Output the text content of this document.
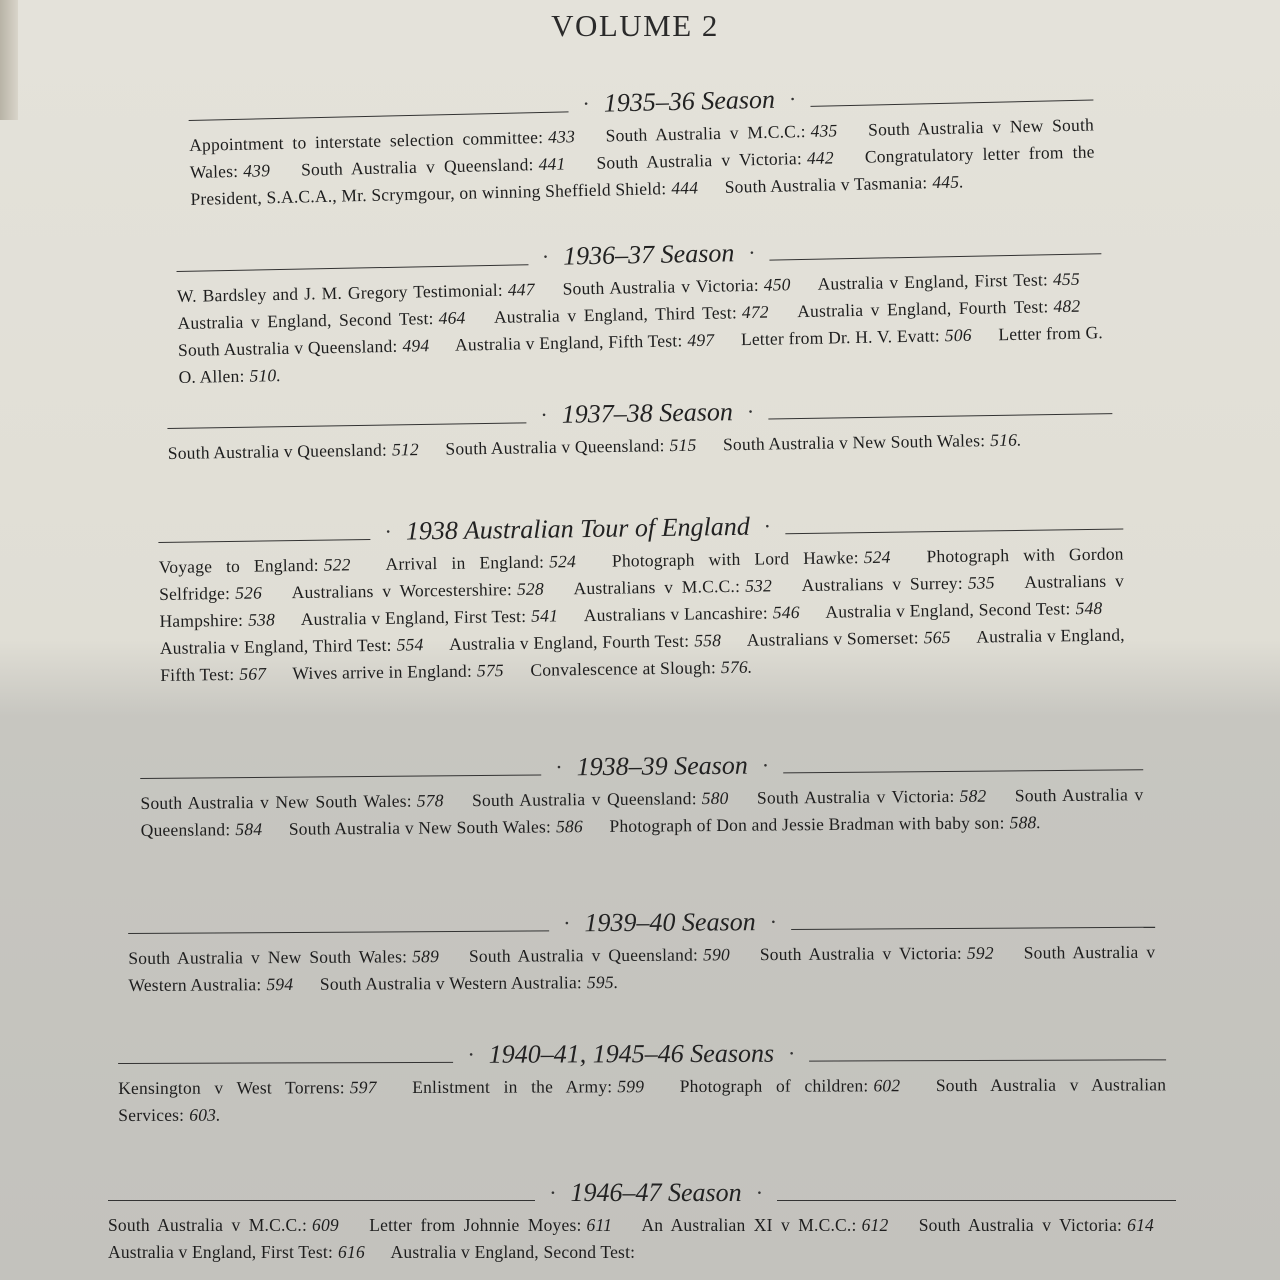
VOLUME 2
· 1935–36 Season ·
Appointment to interstate selection committee: 433 South Australia v M.C.C.: 435 South Australia v New South Wales: 439 South Australia v Queensland: 441 South Australia v Victoria: 442 Congratulatory letter from the President, S.A.C.A., Mr. Scrymgour, on winning Sheffield Shield: 444 South Australia v Tasmania: 445.
· 1936–37 Season ·
W. Bardsley and J. M. Gregory Testimonial: 447 South Australia v Victoria: 450 Australia v England, First Test: 455 Australia v England, Second Test: 464 Australia v England, Third Test: 472 Australia v England, Fourth Test: 482 South Australia v Queensland: 494 Australia v England, Fifth Test: 497 Letter from Dr. H. V. Evatt: 506 Letter from G. O. Allen: 510.
· 1937–38 Season ·
South Australia v Queensland: 512 South Australia v Queensland: 515 South Australia v New South Wales: 516.
· 1938 Australian Tour of England ·
Voyage to England: 522 Arrival in England: 524 Photograph with Lord Hawke: 524 Photograph with Gordon Selfridge: 526 Australians v Worcestershire: 528 Australians v M.C.C.: 532 Australians v Surrey: 535 Australians v Hampshire: 538 Australia v England, First Test: 541 Australians v Lancashire: 546 Australia v England, Second Test: 548 Australia v England, Third Test: 554 Australia v England, Fourth Test: 558 Australians v Somerset: 565 Australia v England, Fifth Test: 567 Wives arrive in England: 575 Convalescence at Slough: 576.
· 1938–39 Season ·
South Australia v New South Wales: 578 South Australia v Queensland: 580 South Australia v Victoria: 582 South Australia v Queensland: 584 South Australia v New South Wales: 586 Photograph of Don and Jessie Bradman with baby son: 588.
· 1939–40 Season ·
South Australia v New South Wales: 589 South Australia v Queensland: 590 South Australia v Victoria: 592 South Australia v Western Australia: 594 South Australia v Western Australia: 595.
· 1940–41, 1945–46 Seasons ·
Kensington v West Torrens: 597 Enlistment in the Army: 599 Photograph of children: 602 South Australia v Australian Services: 603.
· 1946–47 Season ·
South Australia v M.C.C.: 609 Letter from Johnnie Moyes: 611 An Australian XI v M.C.C.: 612 South Australia v Victoria: 614 Australia v England, First Test: 616 Australia v England, Second Test:
